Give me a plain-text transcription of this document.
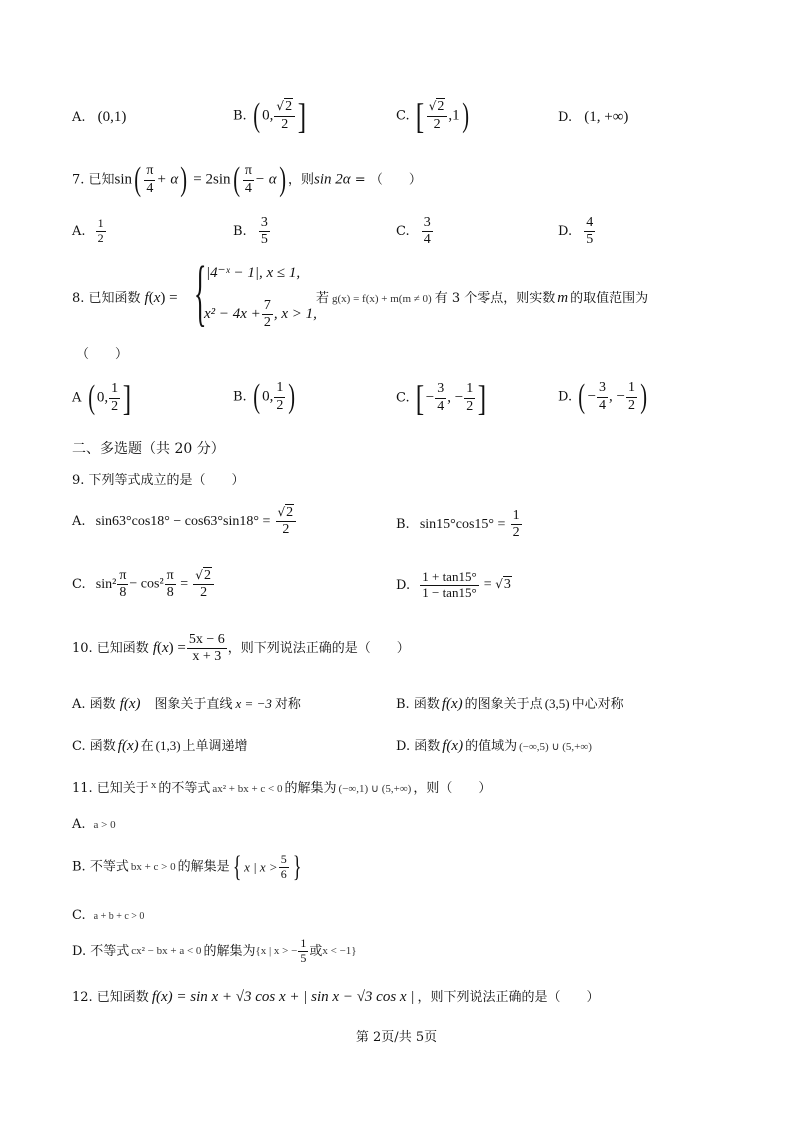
A. (0,1)	B. ( 0, $\frac{√2}{2}$ ]	C. [ $\frac{√2}{2} ,1$)	D. (1, +∞)
7. 已知$\sin( \frac{\pi}{4} + \alpha) = 2\sin( \frac{\pi}{4} - \alpha)$ ，则sin 2α = （　　）
A. $\frac{1}{2}$	B. $\frac{3}{5}$	C. $\frac{3}{4}$	D. $\frac{4}{5}$
8. 已知函数 f(x) = { |4⁻ˣ − 1|, x ≤ 1,
$x^2 - 4x + \frac{7}{2}$ , x > 1,
若 g(x) = f(x) + m(m ≠ 0) 有 3 个零点，则实数 m 的取值范围为
（　　）
A ( 0, $\frac{1}{2}$ ]	B. ( 0, $\frac{1}{2}$ )	C. [ − $\frac{3}{4}$ , − $\frac{1}{2}$ ]	D. ( − $\frac{3}{4}$ , − $\frac{1}{2}$ )
二、多选题（共 20 分）
9. 下列等式成立的是（　　）
A. $\sin 63^\circ\cos 18^\circ - \cos 63^\circ\sin 18^\circ = \frac{√2}{2}$	B. $\sin 15^\circ\cos 15^\circ = \frac{1}{2}$
C. $\sin^2 \frac{\pi}{8} - \cos^2 \frac{\pi}{8} = \frac{√2}{2}$	D. $\frac{1 + \tan 15^\circ}{1 - \tan 15^\circ} = √3$
10. 已知函数 $f(x) = \frac{5x - 6}{x + 3}$ ，则下列说法正确的是（　　）
A. 函数 f(x) 图象关于直线 x = −3 对称	B. 函数 f(x) 的图象关于点 (3,5) 中心对称
C. 函数 f(x) 在 (1,3) 上单调递增	D. 函数 f(x) 的值域为 (−∞,5) ∪ (5,+∞)
11. 已知关于 $^x$ 的不等式 ax² + bx + c < 0 的解集为 (−∞,1) ∪ (5,+∞) ，则（　　）
A. a > 0
B. 不等式 bx + c > 0 的解集是{ x | $x > \frac{5}{6}$ }
C. a + b + c > 0
D. 不等式 cx² − bx + a < 0 的解集为{x | x > − $\frac{1}{5}$ 或x < −1}
12. 已知函数 f(x) = sin x + √3 cos x + | sin x − √3 cos x | ，则下列说法正确的是（　　）
第 2页/共 5页
